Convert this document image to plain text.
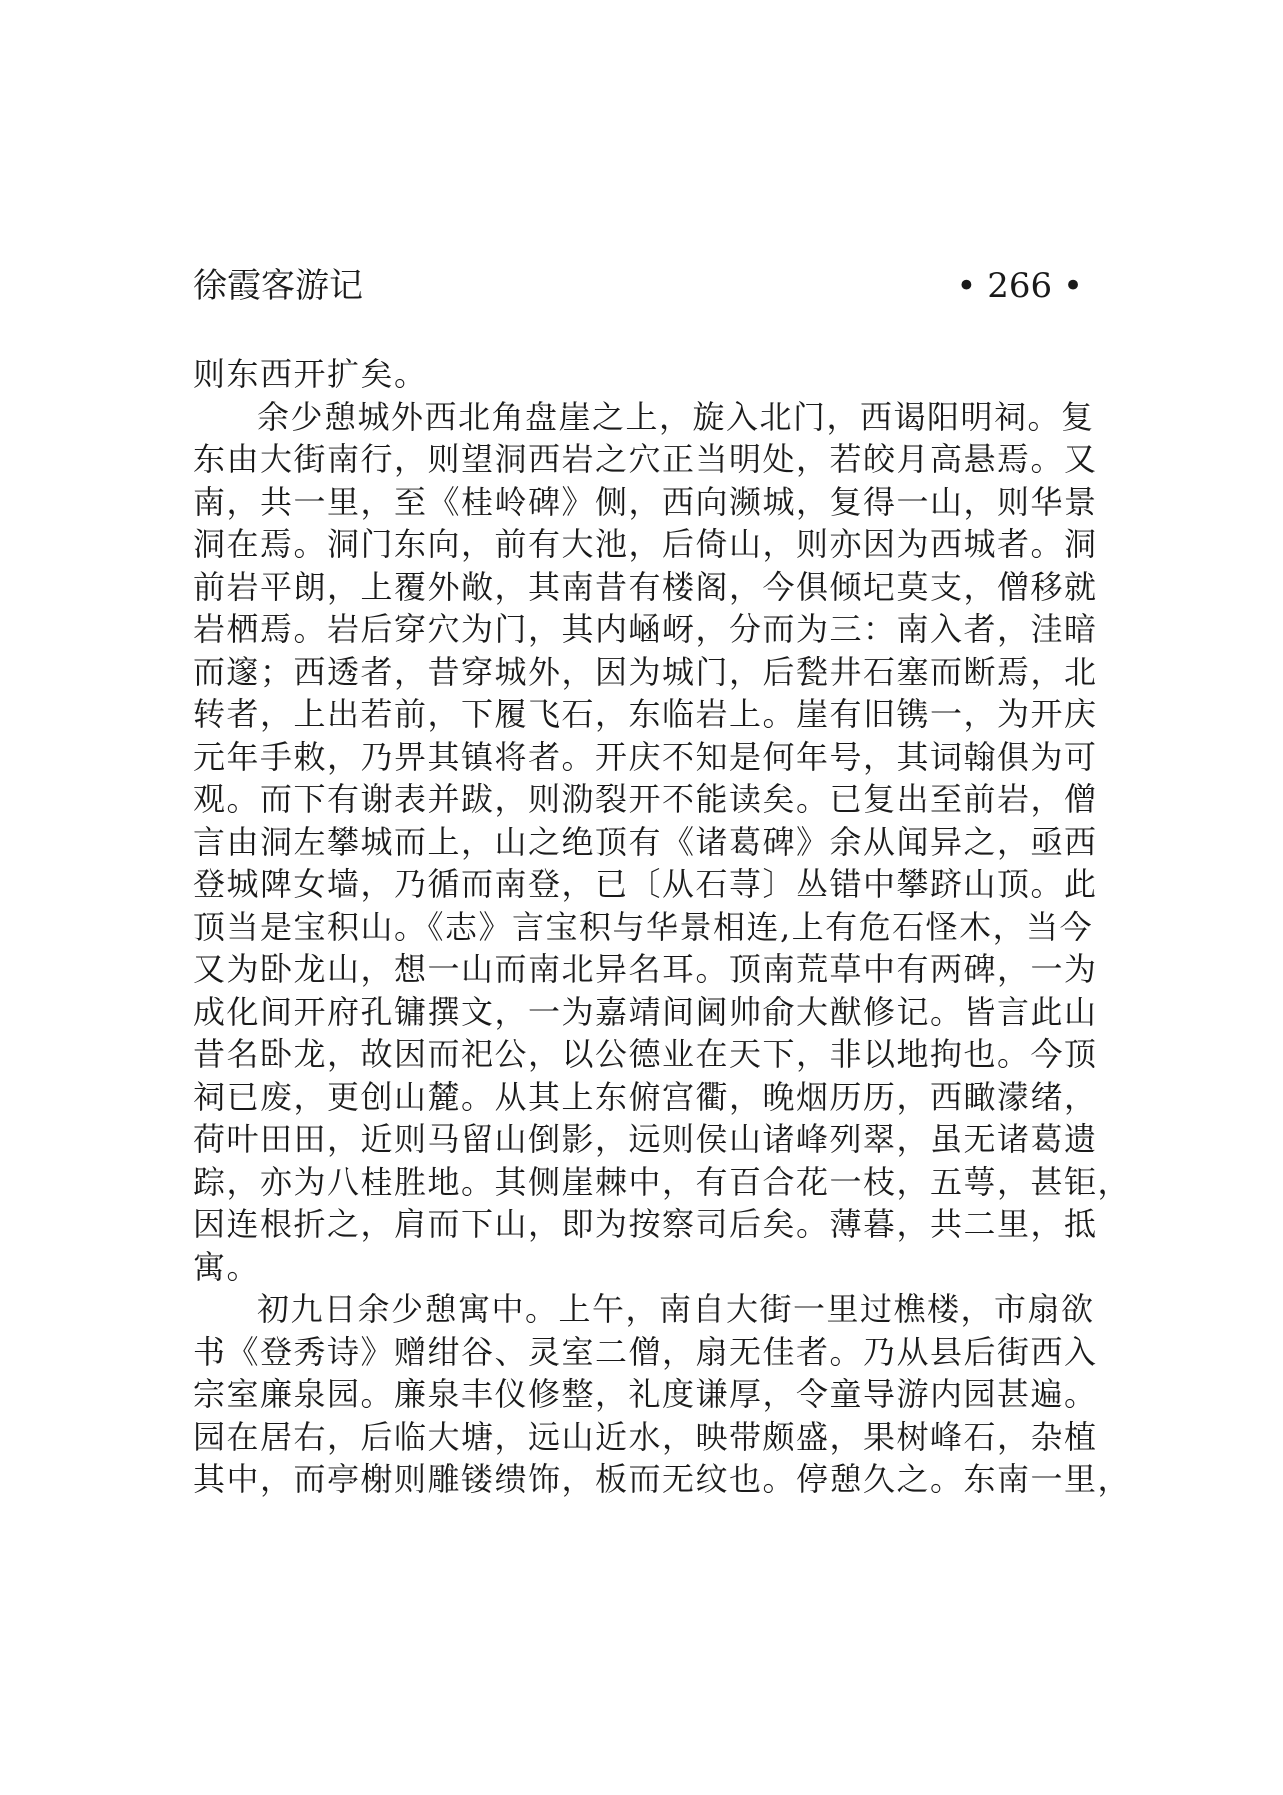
徐霞客游记	• 266 •
则东西开扩矣。
余少憩城外西北角盘崖之上，旋入北门，西谒阳明祠。复
东由大街南行，则望洞西岩之穴正当明处，若皎月高悬焉。又
南，共一里，至《桂岭碑》侧，西向濒城，复得一山，则华景
洞在焉。洞门东向，前有大池，后倚山，则亦因为西城者。洞
前岩平朗，上覆外敞，其南昔有楼阁，今俱倾圮莫支，僧移就
岩栖焉。岩后穿穴为门，其内崡岈，分而为三：南入者，洼暗
而邃；西透者，昔穿城外，因为城门，后甃井石塞而断焉，北
转者，上出若前，下履飞石，东临岩上。崖有旧镌一，为开庆
元年手敕，乃畀其镇将者。开庆不知是何年号，其词翰俱为可
观。而下有谢表并跋，则泐裂开不能读矣。已复出至前岩，僧
言由洞左攀城而上，山之绝顶有《诸葛碑》余从闻异之，亟西
登城陴女墙，乃循而南登，已〔从石荨〕丛错中攀跻山顶。此
顶当是宝积山。《志》言宝积与华景相连,上有危石怪木，当今
又为卧龙山，想一山而南北异名耳。顶南荒草中有两碑，一为
成化间开府孔镛撰文，一为嘉靖间阃帅俞大猷修记。皆言此山
昔名卧龙，故因而祀公，以公德业在天下，非以地拘也。今顶
祠已废，更创山麓。从其上东俯宫衢，晚烟历历，西瞰濛绪，
荷叶田田，近则马留山倒影，远则侯山诸峰列翠，虽无诸葛遗
踪，亦为八桂胜地。其侧崖棘中，有百合花一枝，五萼，甚钜，
因连根折之，肩而下山，即为按察司后矣。薄暮，共二里，抵
寓。
初九日余少憩寓中。上午，南自大街一里过樵楼，市扇欲
书《登秀诗》赠绀谷、灵室二僧，扇无佳者。乃从县后街西入
宗室廉泉园。廉泉丰仪修整，礼度谦厚，令童导游内园甚遍。
园在居右，后临大塘，远山近水，映带颇盛，果树峰石，杂植
其中，而亭榭则雕镂缋饰，板而无纹也。停憩久之。东南一里，
